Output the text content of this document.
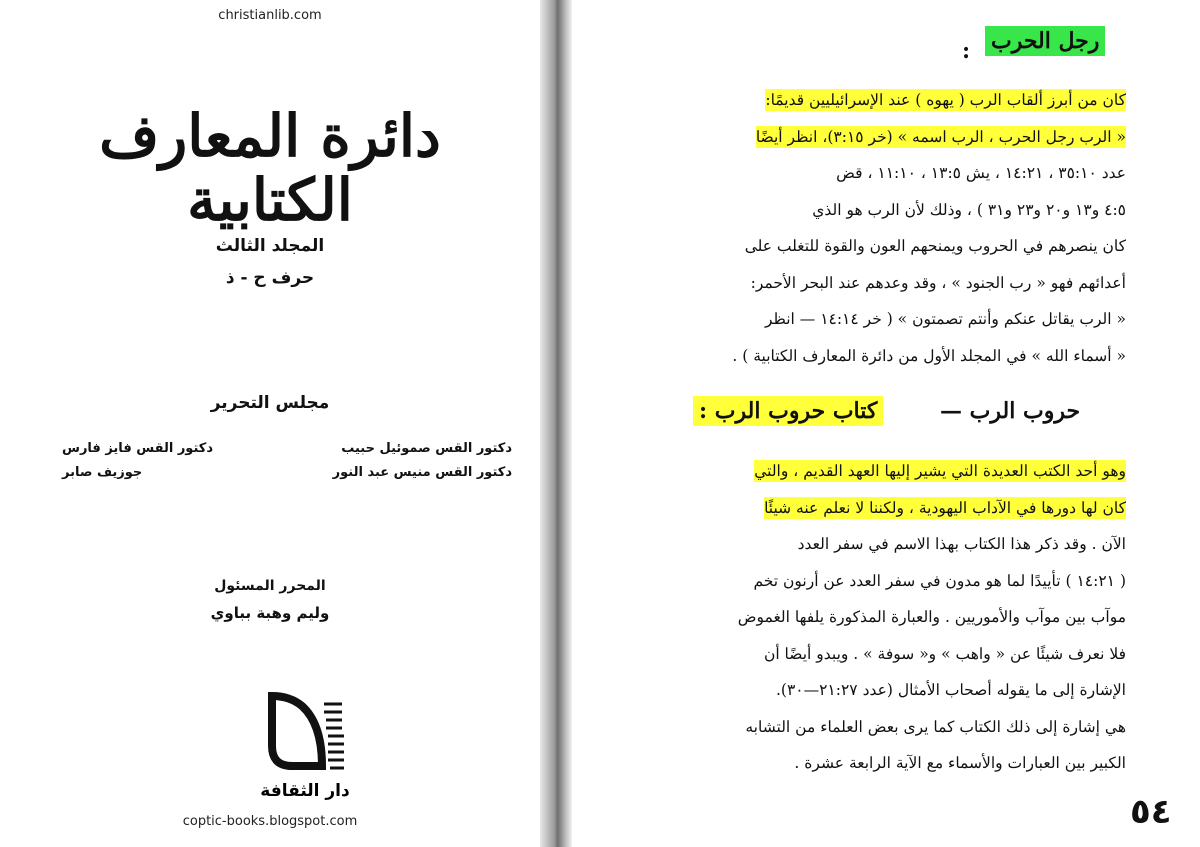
christianlib.com
دائرة المعارف الكتابية
المجلد الثالث
حرف ح - ذ
مجلس التحرير
دكتور القس صموئيل حبيب
دكتور القس فايز فارس
دكتور القس منيس عبد النور
جوزيف صابر
المحرر المسئول
وليم وهبة بباوي
دار الثقافة
coptic-books.blogspot.com
رجل الحرب
:
كان من أبرز ألقاب الرب ( يهوه ) عند الإسرائيليين قديمًا:
« الرب رجل الحرب ، الرب اسمه » (خر ٣:١٥)، انظر أيضًا
عدد ٣٥:١٠ ، ١٤:٢١ ، يش ١٣:٥ ، ١١:١٠ ، قض
٤:٥ و١٣ و٢٠ و٢٣ و٣١ ) ، وذلك لأن الرب هو الذي
كان ينصرهم في الحروب ويمنحهم العون والقوة للتغلب على
أعدائهم فهو « رب الجنود » ، وقد وعدهم عند البحر الأحمر:
« الرب يقاتل عنكم وأنتم تصمتون » ( خر ١٤:١٤ — انظر
« أسماء الله » في المجلد الأول من دائرة المعارف الكتابية ) .
حروب الرب —
كتاب حروب الرب :
وهو أحد الكتب العديدة التي يشير إليها العهد القديم ، والتي
كان لها دورها في الآداب اليهودية ، ولكننا لا نعلم عنه شيئًا
الآن . وقد ذكر هذا الكتاب بهذا الاسم في سفر العدد
( ١٤:٢١ ) تأييدًا لما هو مدون في سفر العدد عن أرنون تخم
موآب بين موآب والأموريين . والعبارة المذكورة يلفها الغموض
فلا نعرف شيئًا عن « واهب » و« سوفة » . ويبدو أيضًا أن
الإشارة إلى ما يقوله أصحاب الأمثال (عدد ٢١:٢٧—٣٠).
هي إشارة إلى ذلك الكتاب كما يرى بعض العلماء من التشابه
الكبير بين العبارات والأسماء مع الآية الرابعة عشرة .
٥٤
